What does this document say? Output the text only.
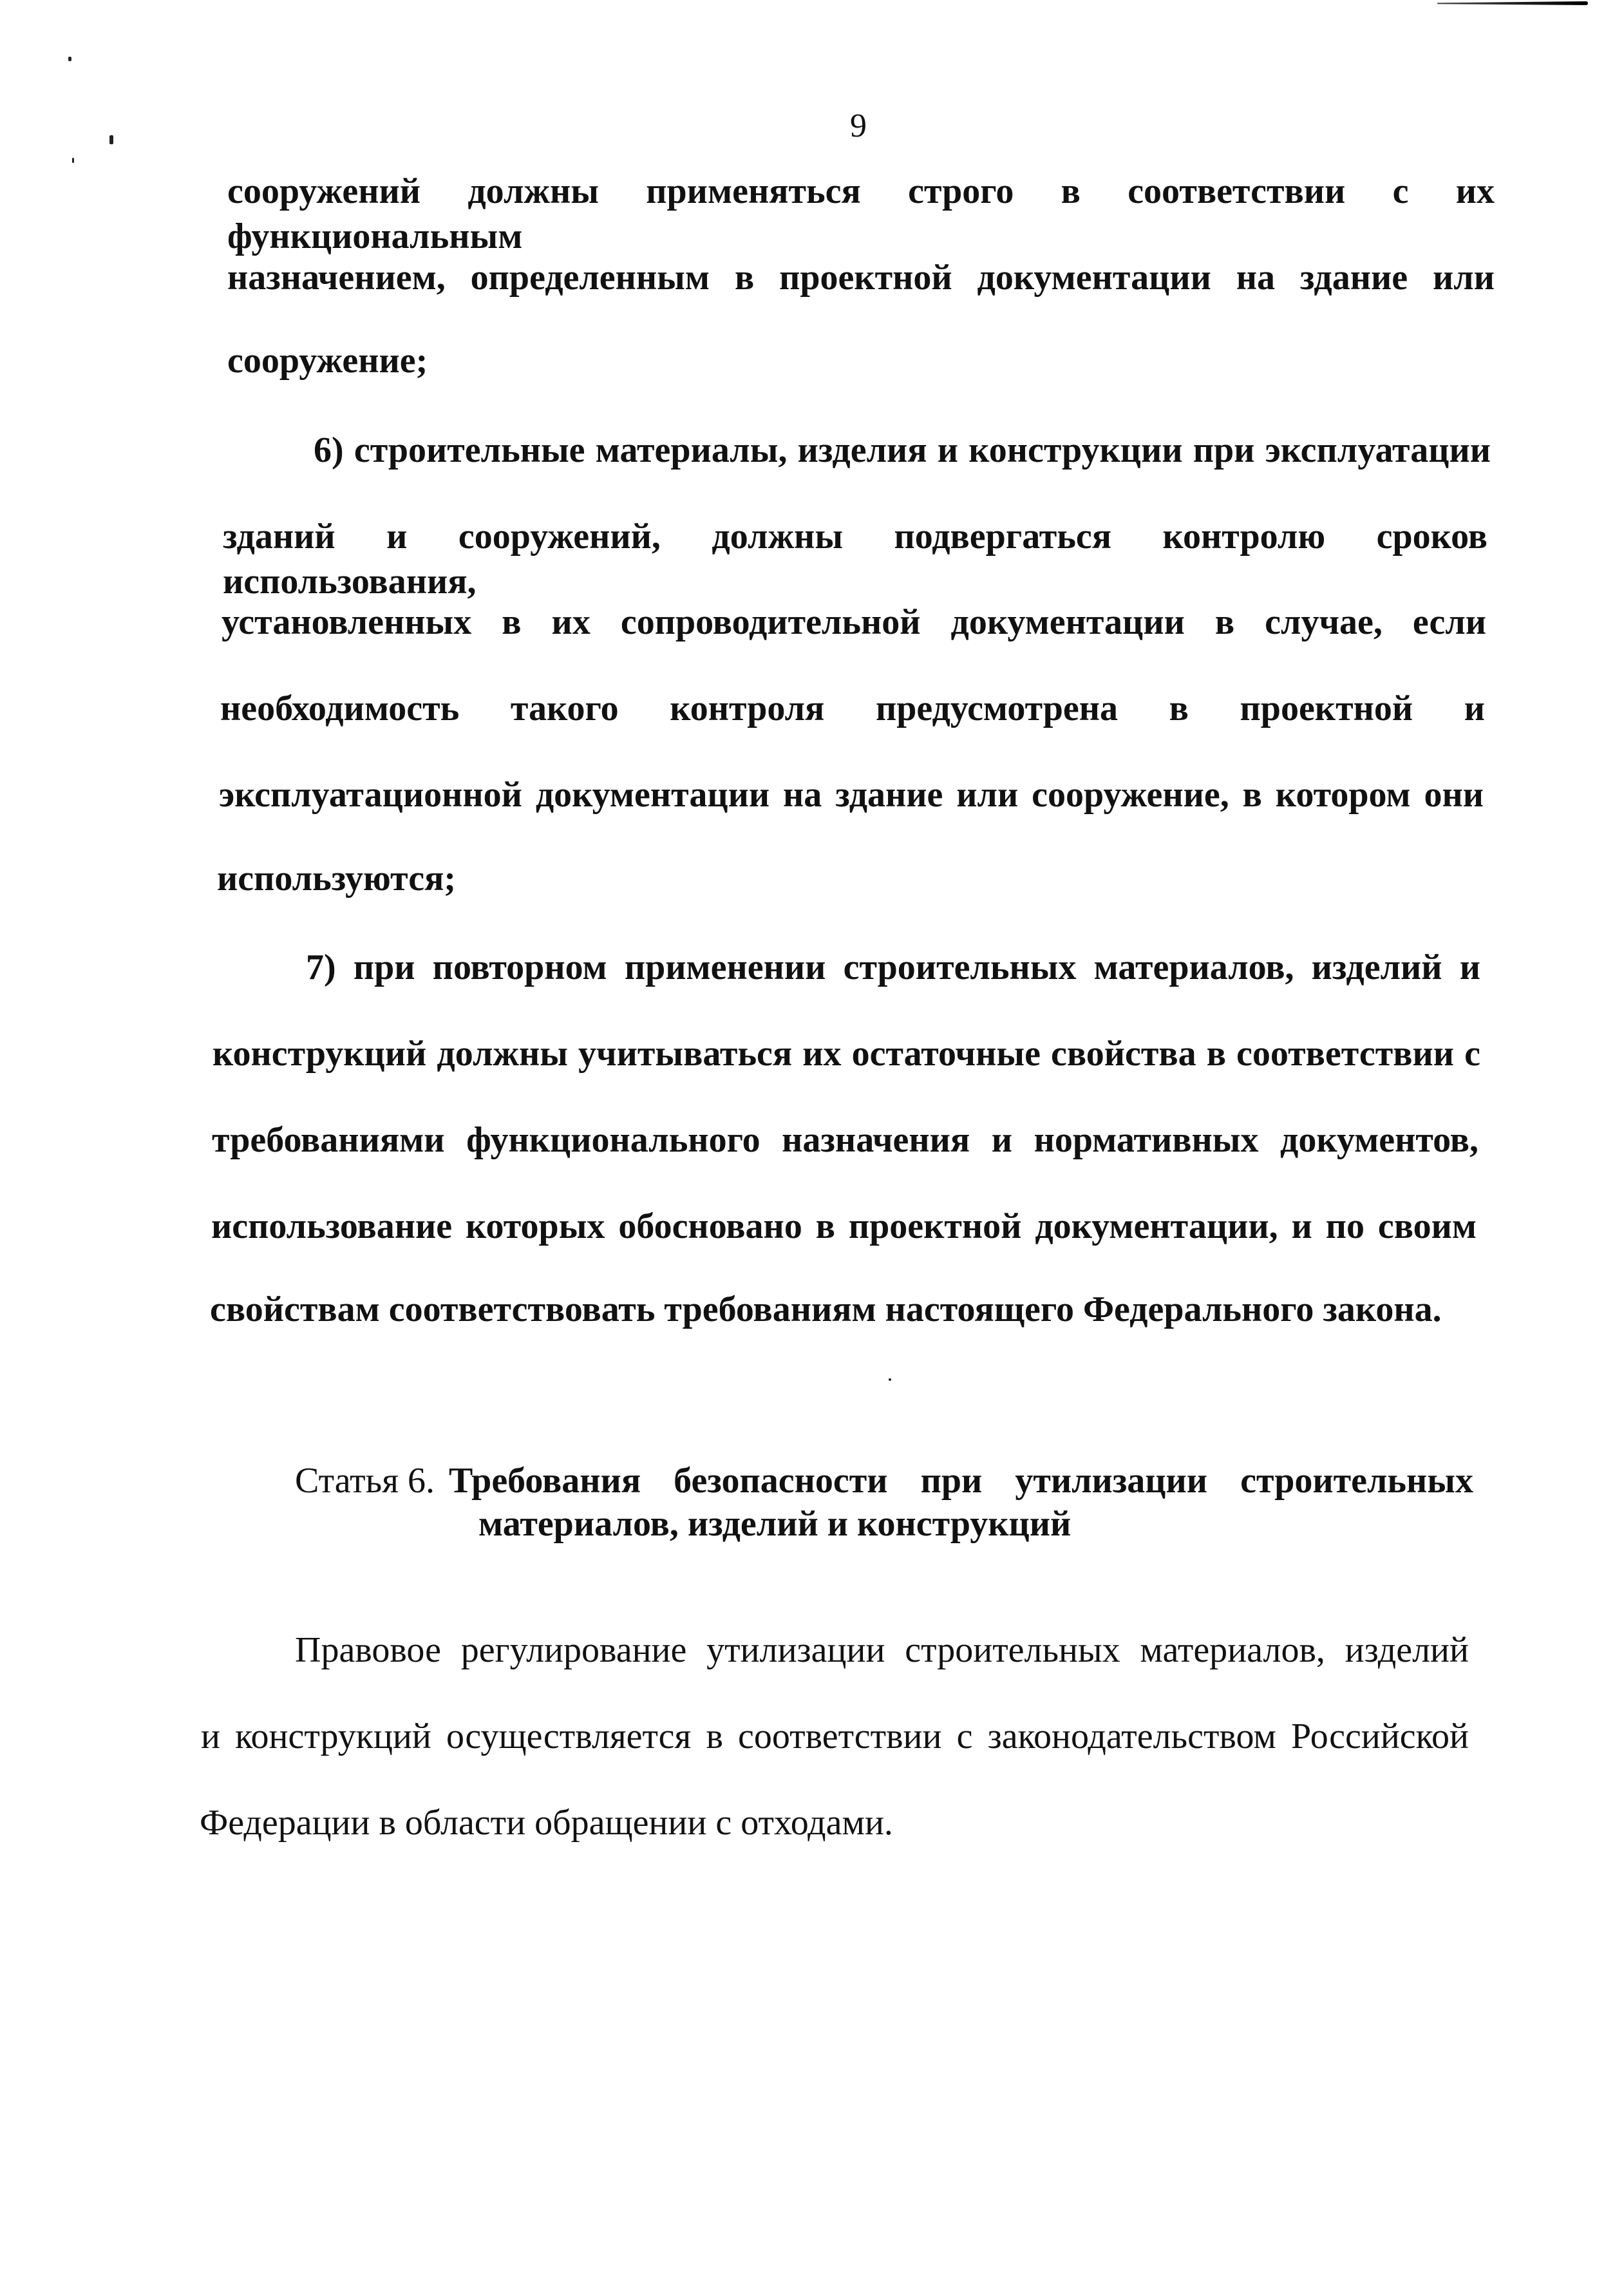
9
сооружений должны применяться строго в соответствии с их функциональным
назначением, определенным в проектной документации на здание или
сооружение;
6) строительные материалы, изделия и конструкции при эксплуатации
зданий и сооружений, должны подвергаться контролю сроков использования,
установленных в их сопроводительной документации в случае, если
необходимость такого контроля предусмотрена в проектной и
эксплуатационной документации на здание или сооружение, в котором они
используются;
7) при повторном применении строительных материалов, изделий и
конструкций должны учитываться их остаточные свойства в соответствии с
требованиями функционального назначения и нормативных документов,
использование которых обосновано в проектной документации, и по своим
свойствам соответствовать требованиям настоящего Федерального закона.
Статья 6. Требования безопасности при утилизации строительных
материалов, изделий и конструкций
Правовое регулирование утилизации строительных материалов, изделий
и конструкций осуществляется в соответствии с законодательством Российской
Федерации в области обращении с отходами.
